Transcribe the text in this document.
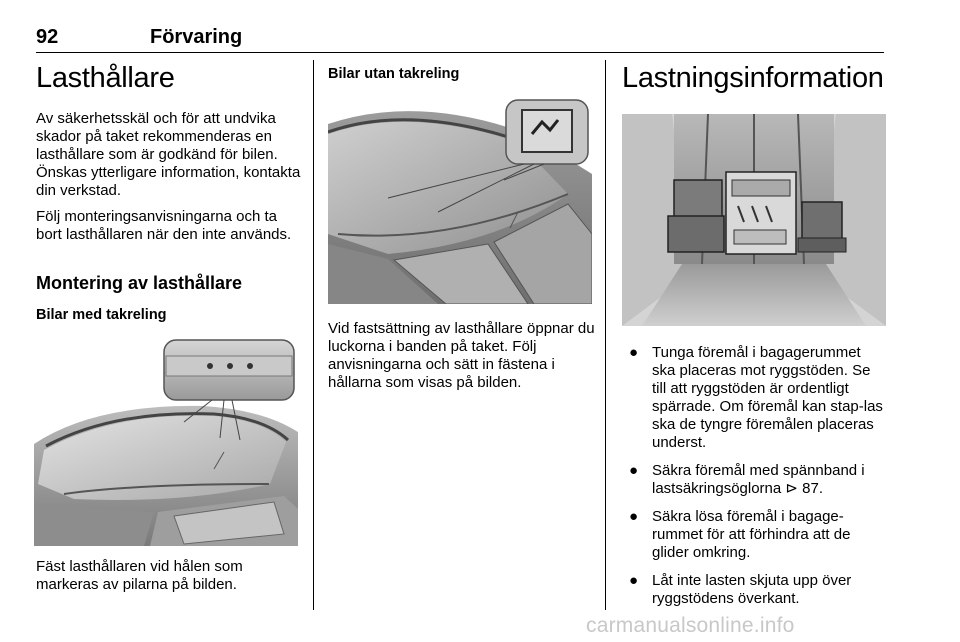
92	Förvaring
Lasthållare

Av säkerhetsskäl och för att undvika skador på taket rekommenderas en lasthållare som är godkänd för bilen. Önskas ytterligare information, kontakta din verkstad.

Följ monteringsanvisningarna och ta bort lasthållaren när den inte används.

Montering av lasthållare
Bilar med takreling

Fäst lasthållaren vid hålen som markeras av pilarna på bilden.

Bilar utan takreling

Vid fastsättning av lasthållare öppnar du luckorna i banden på taket. Följ anvisningarna och sätt in fästena i hållarna som visas på bilden.

Lastningsinformation
● Tunga föremål i bagagerummet ska placeras mot ryggstöden. Se till att ryggstöden är ordentligt spärrade. Om föremål kan stap-las ska de tyngre föremålen placeras underst.
● Säkra föremål med spännband i lastsäkringsöglorna ⊳ 87.
● Säkra lösa föremål i bagage-rummet för att förhindra att de glider omkring.
● Låt inte lasten skjuta upp över ryggstödens överkant.
carmanualsonline.info
